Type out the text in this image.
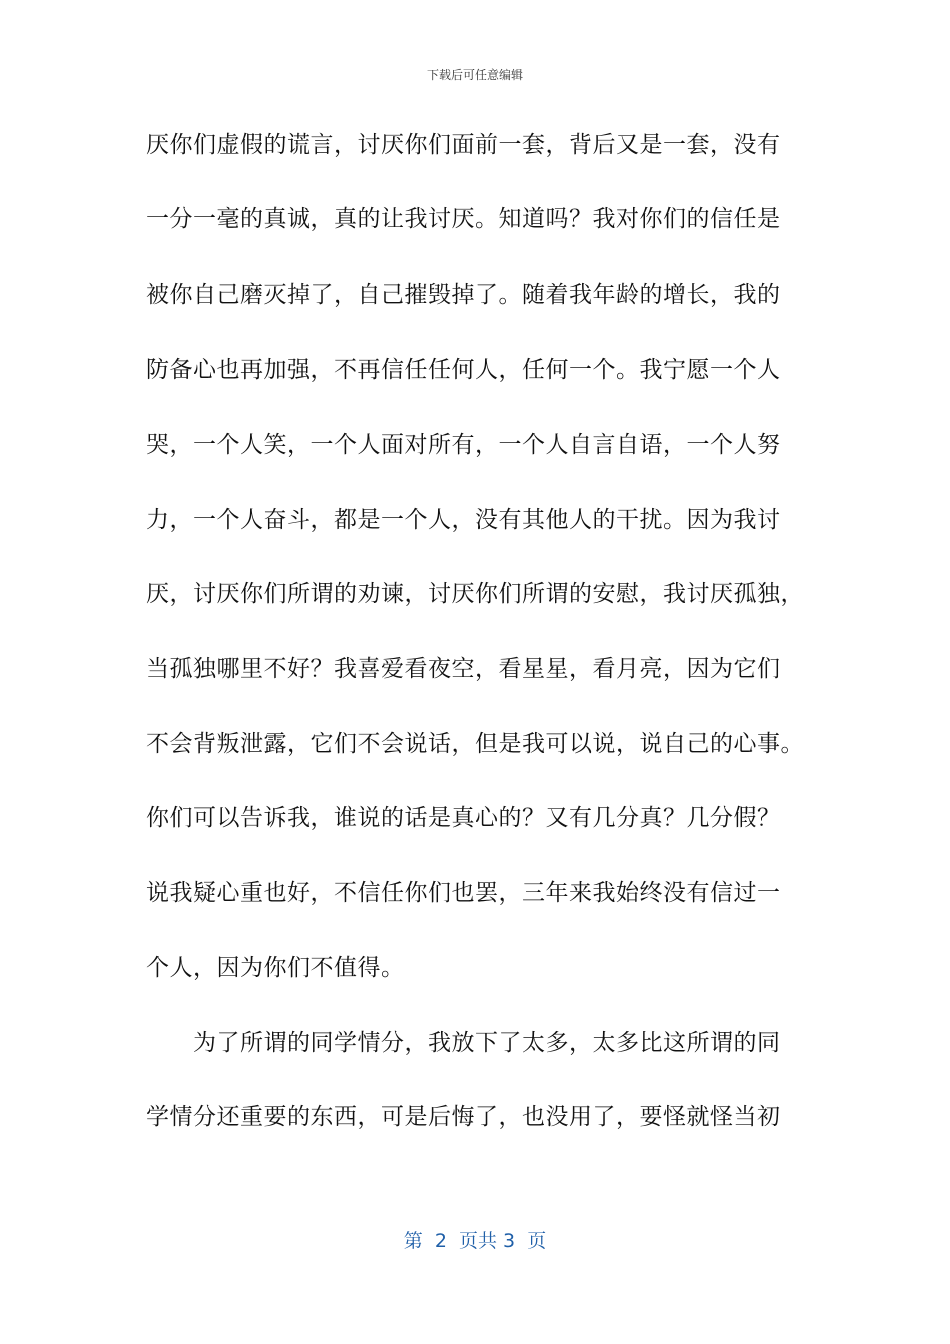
下载后可任意编辑
厌你们虚假的谎言，讨厌你们面前一套，背后又是一套，没有
一分一毫的真诚，真的让我讨厌。知道吗？我对你们的信任是
被你自己磨灭掉了，自己摧毁掉了。随着我年龄的增长，我的
防备心也再加强，不再信任任何人，任何一个。我宁愿一个人
哭，一个人笑，一个人面对所有，一个人自言自语，一个人努
力，一个人奋斗，都是一个人，没有其他人的干扰。因为我讨
厌，讨厌你们所谓的劝谏，讨厌你们所谓的安慰，我讨厌孤独，
当孤独哪里不好？我喜爱看夜空，看星星，看月亮，因为它们
不会背叛泄露，它们不会说话，但是我可以说，说自己的心事。
你们可以告诉我，谁说的话是真心的？又有几分真？几分假？
说我疑心重也好，不信任你们也罢，三年来我始终没有信过一
个人，因为你们不值得。
　　为了所谓的同学情分，我放下了太多，太多比这所谓的同
学情分还重要的东西，可是后悔了，也没用了，要怪就怪当初
第  2  页共 3  页
